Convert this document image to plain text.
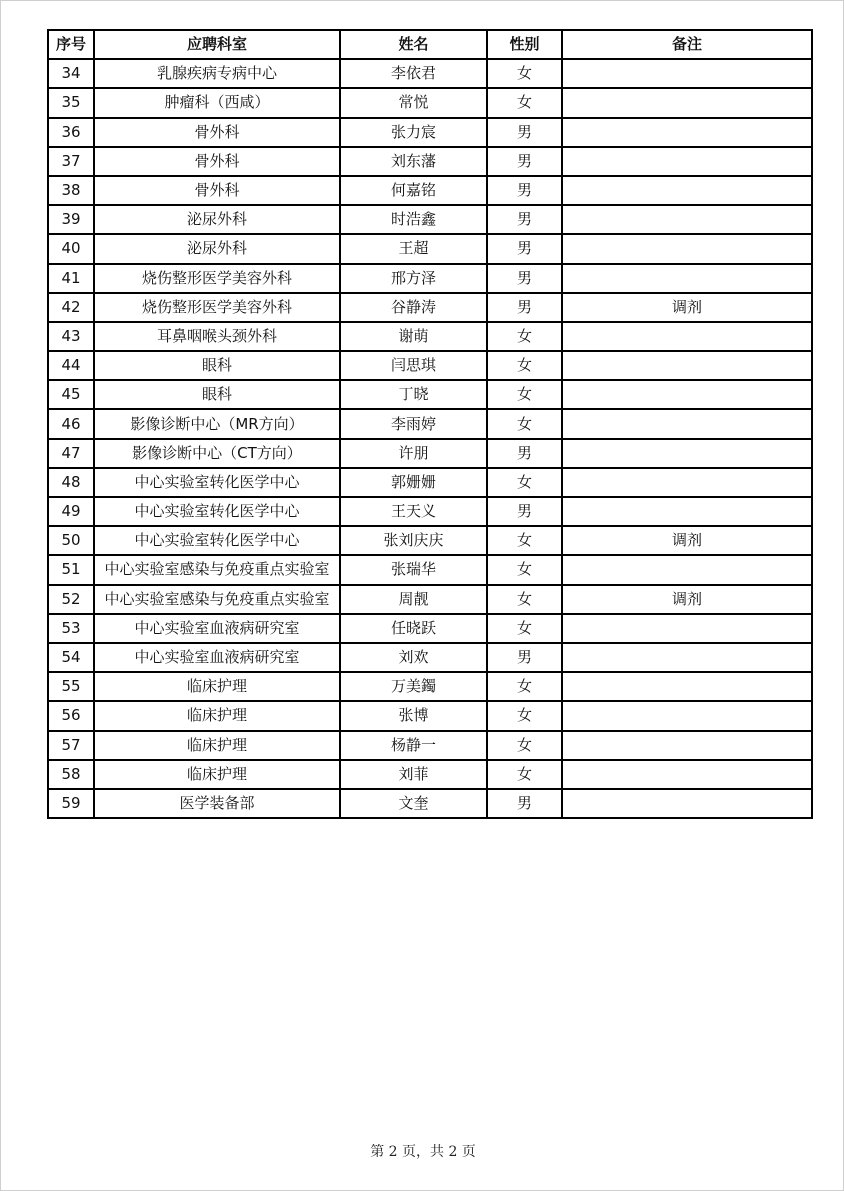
序号	应聘科室	姓名	性别	备注
34	乳腺疾病专病中心	李依君	女	
35	肿瘤科（西咸）	常悦	女	
36	骨外科	张力宸	男	
37	骨外科	刘东藩	男	
38	骨外科	何嘉铭	男	
39	泌尿外科	时浩鑫	男	
40	泌尿外科	王超	男	
41	烧伤整形医学美容外科	邢方泽	男	
42	烧伤整形医学美容外科	谷静涛	男	调剂
43	耳鼻咽喉头颈外科	谢萌	女	
44	眼科	闫思琪	女	
45	眼科	丁晓	女	
46	影像诊断中心（MR方向）	李雨婷	女	
47	影像诊断中心（CT方向）	许朋	男	
48	中心实验室转化医学中心	郭姗姗	女	
49	中心实验室转化医学中心	王天义	男	
50	中心实验室转化医学中心	张刘庆庆	女	调剂
51	中心实验室感染与免疫重点实验室	张瑞华	女	
52	中心实验室感染与免疫重点实验室	周靓	女	调剂
53	中心实验室血液病研究室	任晓跃	女	
54	中心实验室血液病研究室	刘欢	男	
55	临床护理	万美鐲	女	
56	临床护理	张博	女	
57	临床护理	杨静一	女	
58	临床护理	刘菲	女	
59	医学装备部	文奎	男	
第 2 页，共 2 页
